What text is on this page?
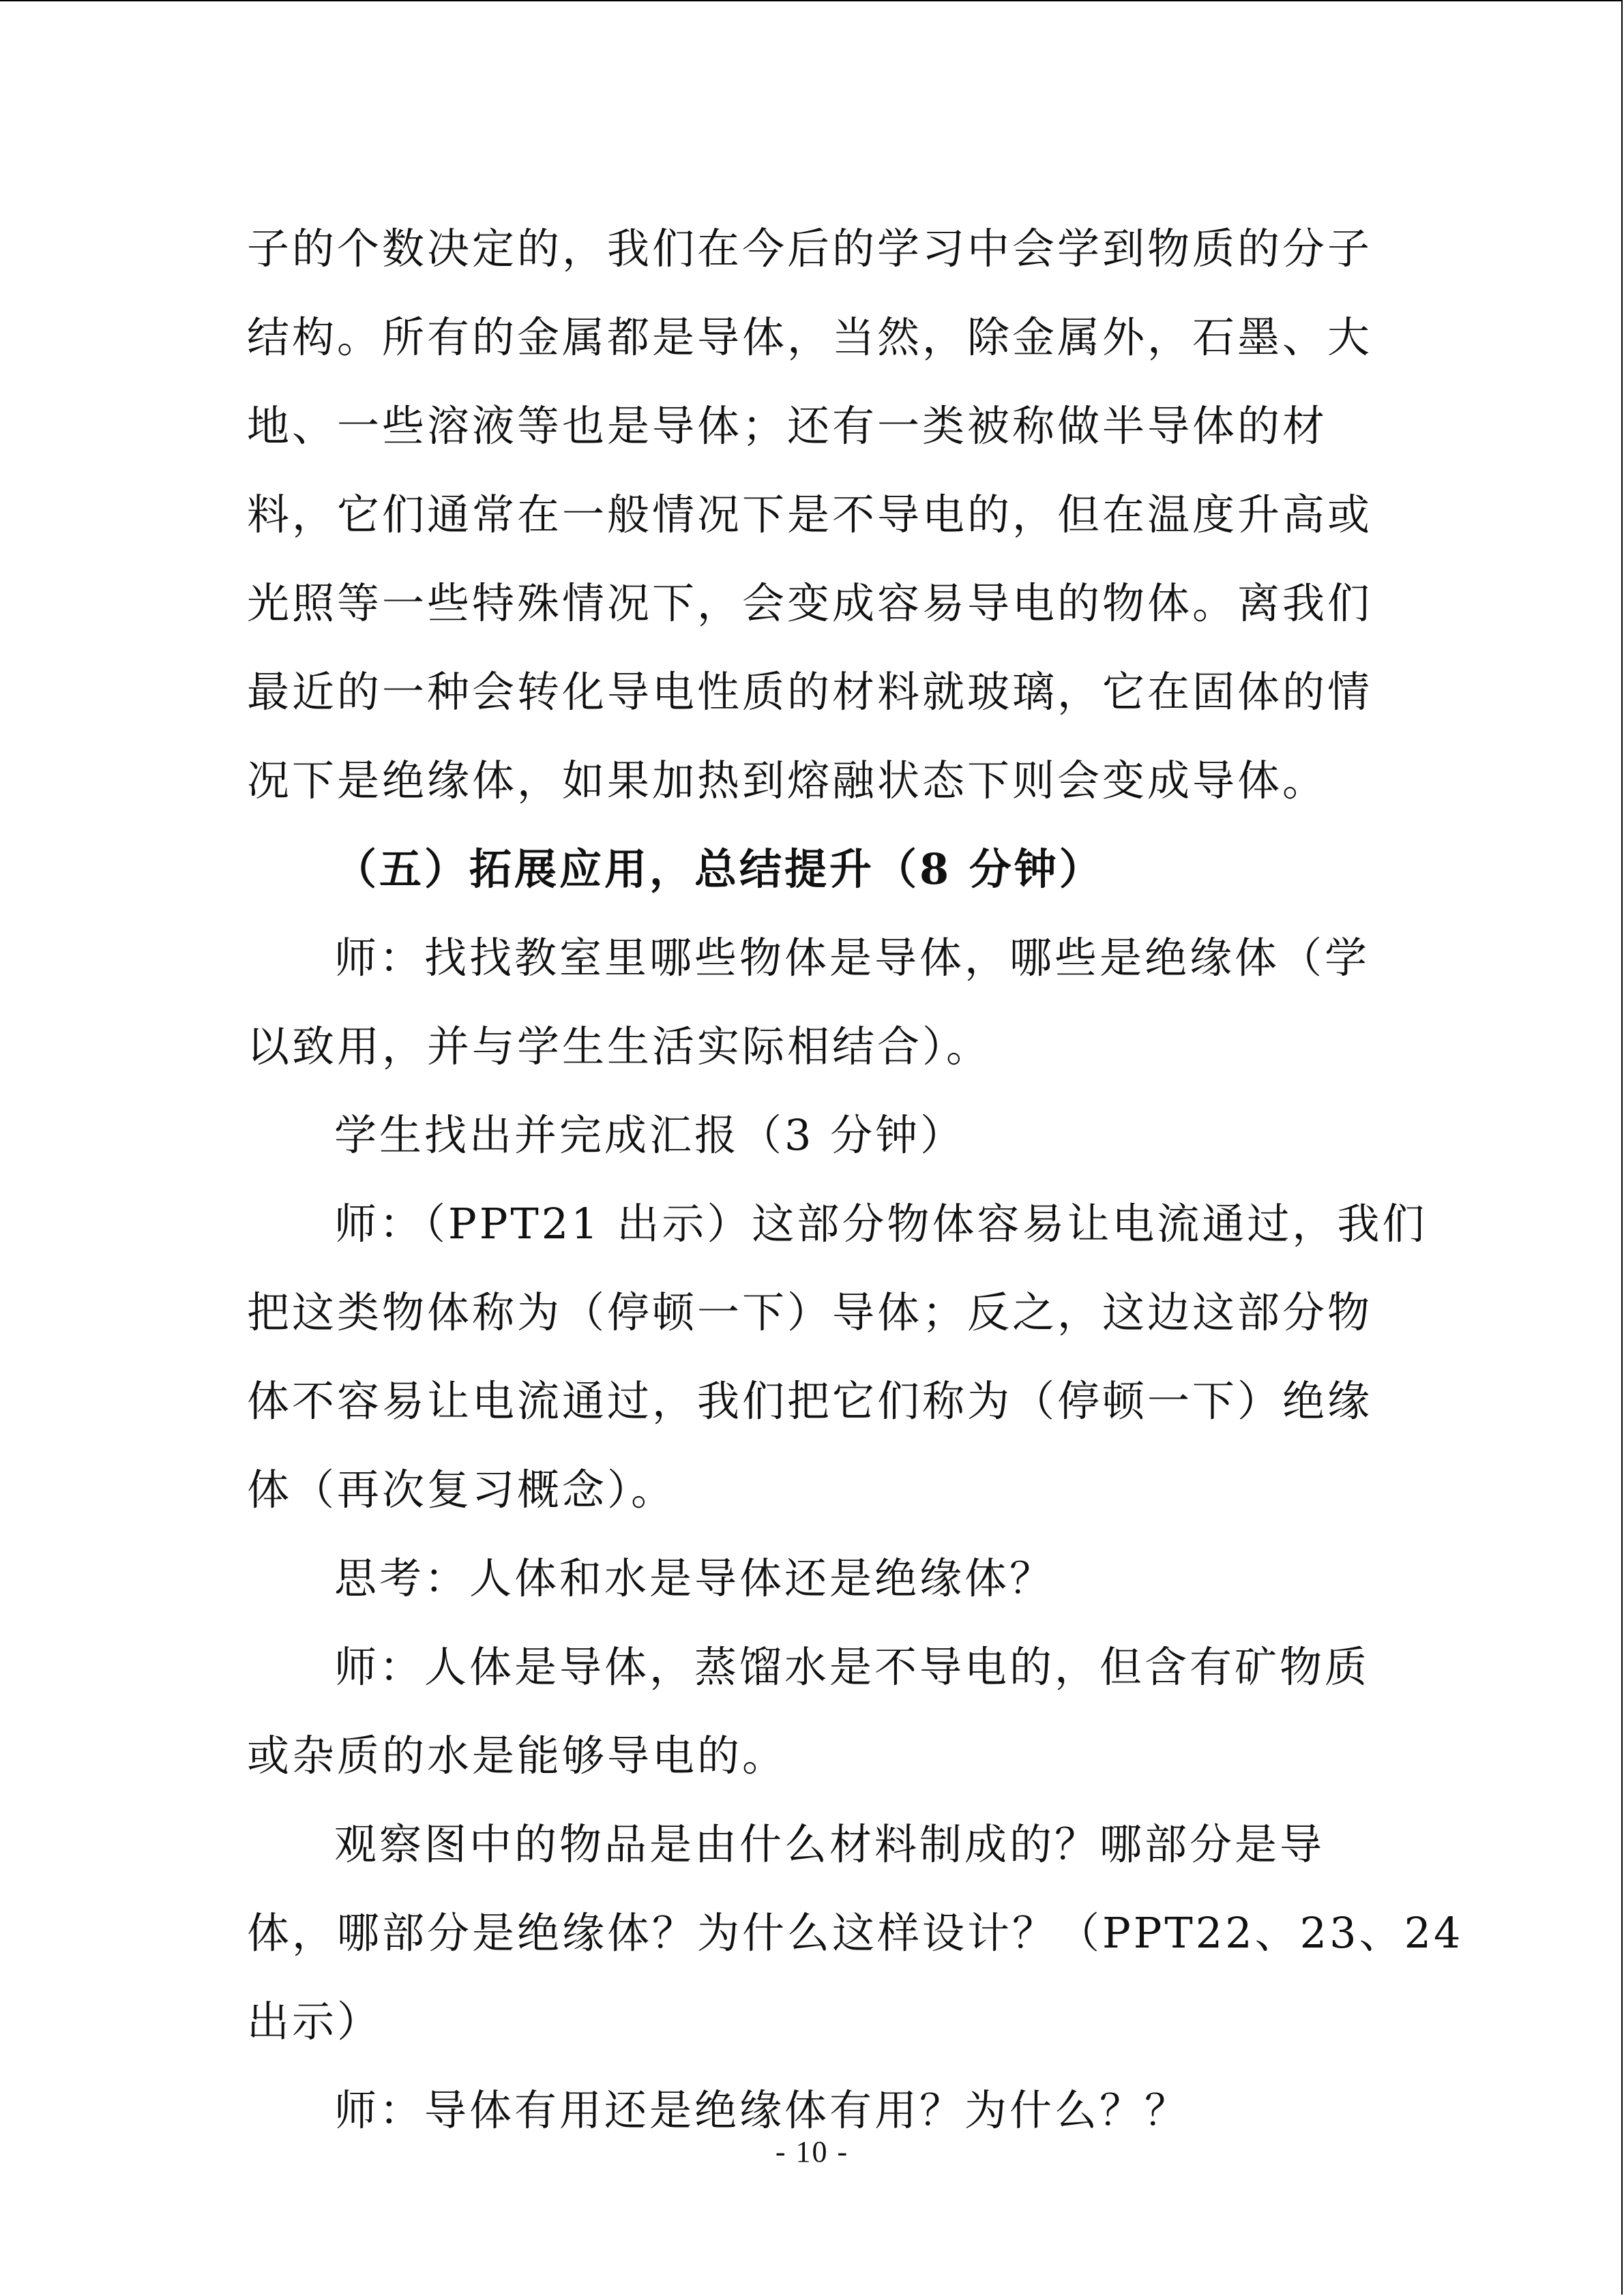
子的个数决定的，我们在今后的学习中会学到物质的分子
结构。所有的金属都是导体，当然，除金属外，石墨、大
地、一些溶液等也是导体；还有一类被称做半导体的材
料，它们通常在一般情况下是不导电的，但在温度升高或
光照等一些特殊情况下，会变成容易导电的物体。离我们
最近的一种会转化导电性质的材料就玻璃，它在固体的情
况下是绝缘体，如果加热到熔融状态下则会变成导体。
（五）拓展应用，总结提升（8 分钟）
师：找找教室里哪些物体是导体，哪些是绝缘体（学
以致用，并与学生生活实际相结合）。
学生找出并完成汇报（3 分钟）
师：（PPT21 出示）这部分物体容易让电流通过，我们
把这类物体称为（停顿一下）导体；反之，这边这部分物
体不容易让电流通过，我们把它们称为（停顿一下）绝缘
体（再次复习概念）。
思考：人体和水是导体还是绝缘体？
师：人体是导体，蒸馏水是不导电的，但含有矿物质
或杂质的水是能够导电的。
观察图中的物品是由什么材料制成的？哪部分是导
体，哪部分是绝缘体？为什么这样设计？（PPT22、23、24
出示）
师：导体有用还是绝缘体有用？为什么？？
- 10 -
